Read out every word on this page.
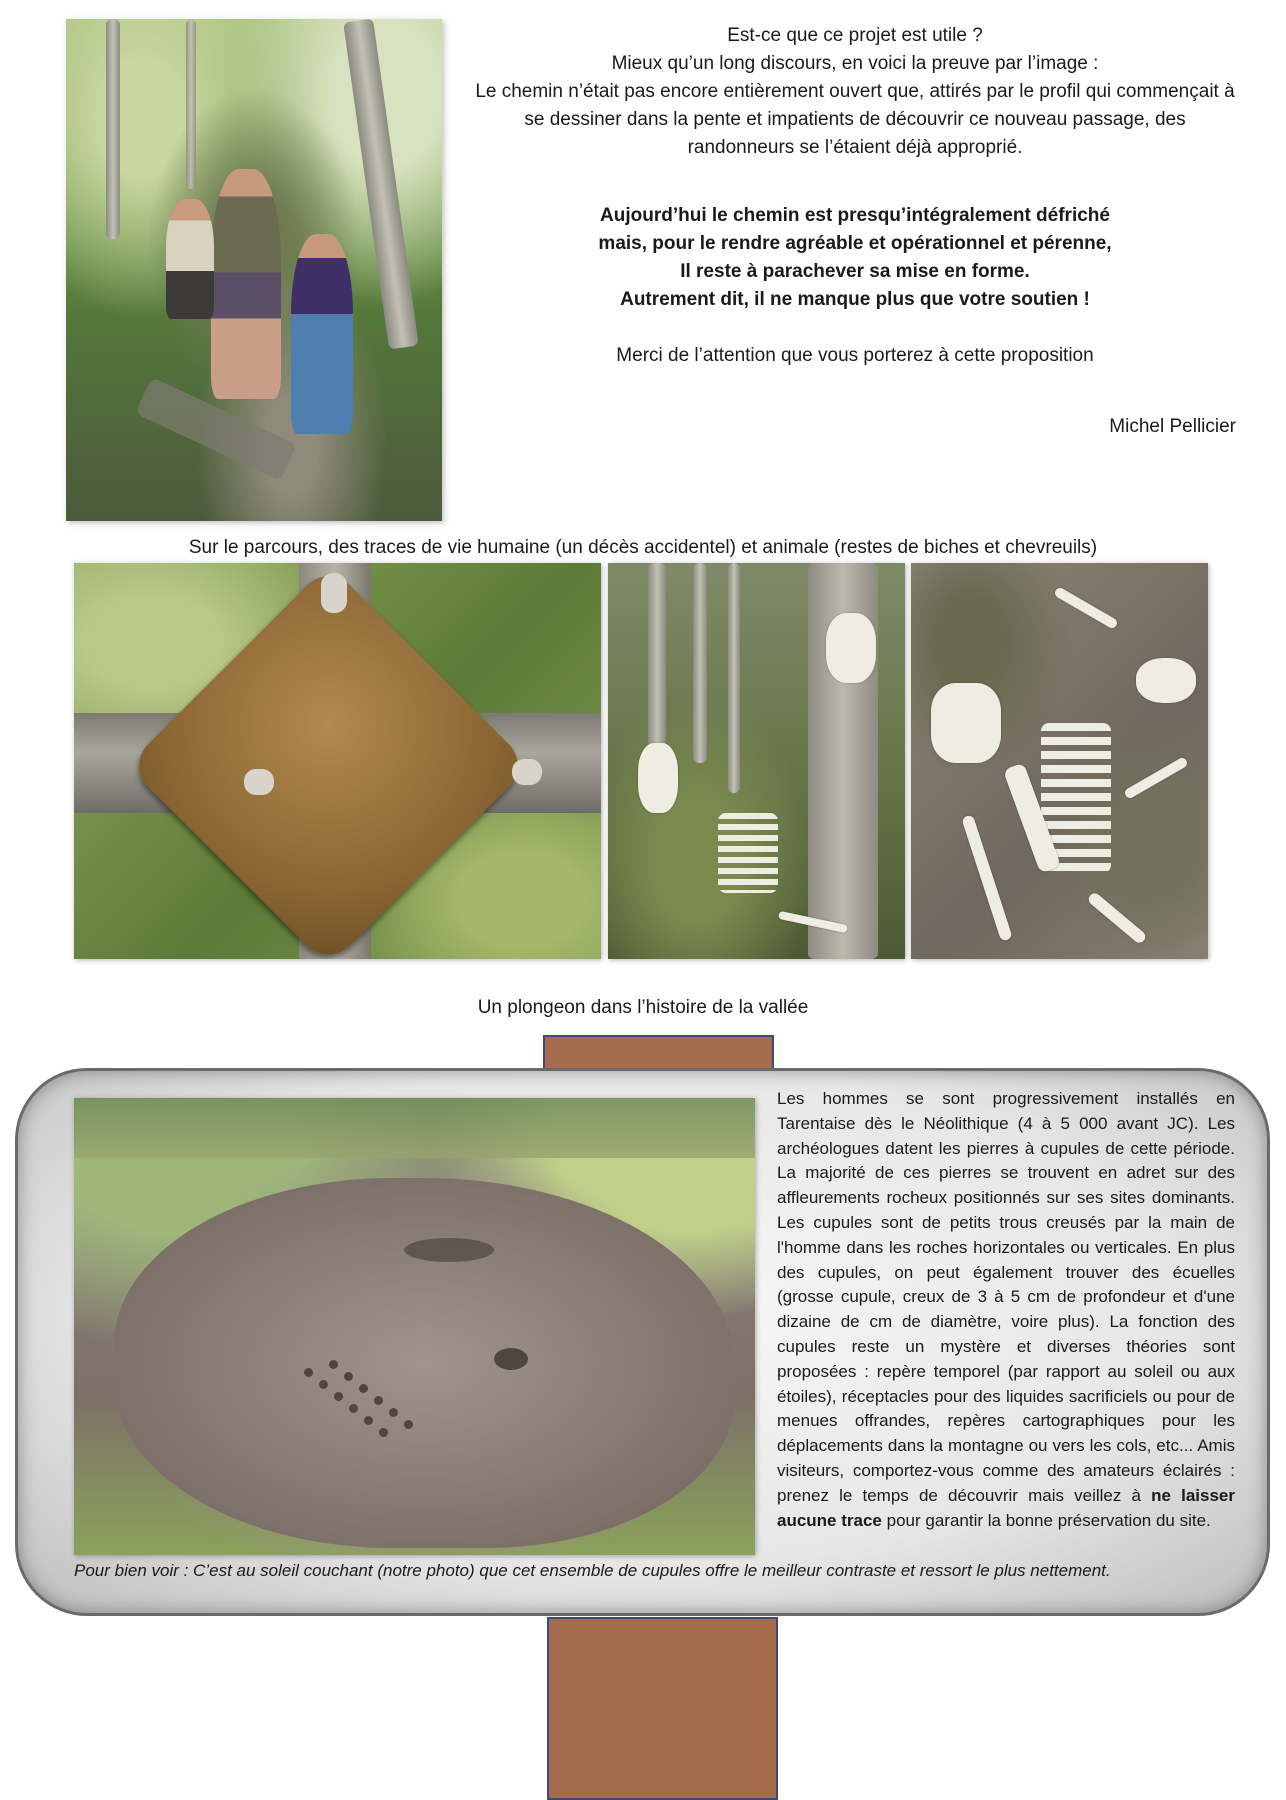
Est-ce que ce projet est utile ?

Mieux qu’un long discours, en voici la preuve par l’image :

Le chemin n’était pas encore entièrement ouvert que, attirés par le profil qui commençait à se dessiner dans la pente et impatients de découvrir ce nouveau passage, des randonneurs se l’étaient déjà approprié.

Aujourd’hui le chemin est presqu’intégralement défriché

mais, pour le rendre agréable et opérationnel et pérenne,

Il reste à parachever sa mise en forme.

Autrement dit, il ne manque plus que votre soutien !

Merci de l’attention que vous porterez à cette proposition

Michel Pellicier
Sur le parcours, des traces de vie humaine (un décès accidentel) et animale (restes de biches et chevreuils)
Un plongeon dans l’histoire de la vallée
Les hommes se sont progressivement installés en Tarentaise dès le Néolithique (4 à 5 000 avant JC). Les archéologues datent les pierres à cupules de cette période. La majorité de ces pierres se trouvent en adret sur des affleurements rocheux positionnés sur ses sites dominants. Les cupules sont de petits trous creusés par la main de l'homme dans les roches horizontales ou verticales. En plus des cupules, on peut également trouver des écuelles (grosse cupule, creux de 3 à 5 cm de profondeur et d'une dizaine de cm de diamètre, voire plus). La fonction des cupules reste un mystère et diverses théories sont proposées : repère temporel (par rapport au soleil ou aux étoiles), réceptacles pour des liquides sacrificiels ou pour de menues offrandes, repères cartographiques pour les déplacements dans la montagne ou vers les cols, etc... Amis visiteurs, comportez-vous comme des amateurs éclairés : prenez le temps de découvrir mais veillez à ne laisser aucune trace pour garantir la bonne préservation du site.
Pour bien voir : C’est au soleil couchant (notre photo) que cet ensemble de cupules offre le meilleur contraste et ressort le plus nettement.
